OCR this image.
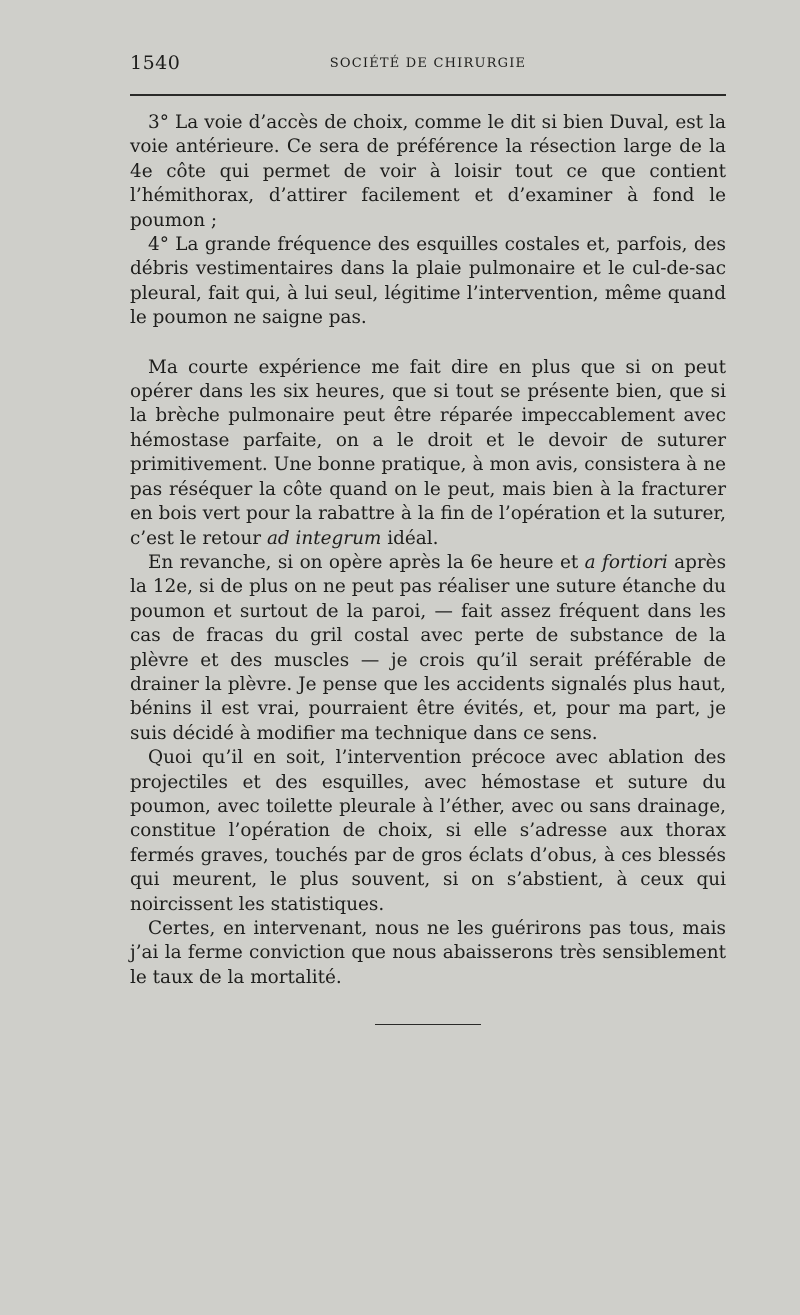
1540	SOCIÉTÉ DE CHIRURGIE

3° La voie d’accès de choix, comme le dit si bien Duval, est la voie antérieure. Ce sera de préférence la résection large de la 4e côte qui permet de voir à loisir tout ce que contient l’hémithorax, d’attirer facilement et d’examiner à fond le poumon ;

4° La grande fréquence des esquilles costales et, parfois, des débris vestimentaires dans la plaie pulmonaire et le cul-de-sac pleural, fait qui, à lui seul, légitime l’intervention, même quand le poumon ne saigne pas.

Ma courte expérience me fait dire en plus que si on peut opérer dans les six heures, que si tout se présente bien, que si la brèche pulmonaire peut être réparée impeccablement avec hémostase parfaite, on a le droit et le devoir de suturer primitivement. Une bonne pratique, à mon avis, consistera à ne pas réséquer la côte quand on le peut, mais bien à la fracturer en bois vert pour la rabattre à la fin de l’opération et la suturer, c’est le retour ad integrum idéal.

En revanche, si on opère après la 6e heure et a fortiori après la 12e, si de plus on ne peut pas réaliser une suture étanche du poumon et surtout de la paroi, — fait assez fréquent dans les cas de fracas du gril costal avec perte de substance de la plèvre et des muscles — je crois qu’il serait préférable de drainer la plèvre. Je pense que les accidents signalés plus haut, bénins il est vrai, pourraient être évités, et, pour ma part, je suis décidé à modifier ma technique dans ce sens.

Quoi qu’il en soit, l’intervention précoce avec ablation des projectiles et des esquilles, avec hémostase et suture du poumon, avec toilette pleurale à l’éther, avec ou sans drainage, constitue l’opération de choix, si elle s’adresse aux thorax fermés graves, touchés par de gros éclats d’obus, à ces blessés qui meurent, le plus souvent, si on s’abstient, à ceux qui noircissent les statistiques.

Certes, en intervenant, nous ne les guérirons pas tous, mais j’ai la ferme conviction que nous abaisserons très sensiblement le taux de la mortalité.
